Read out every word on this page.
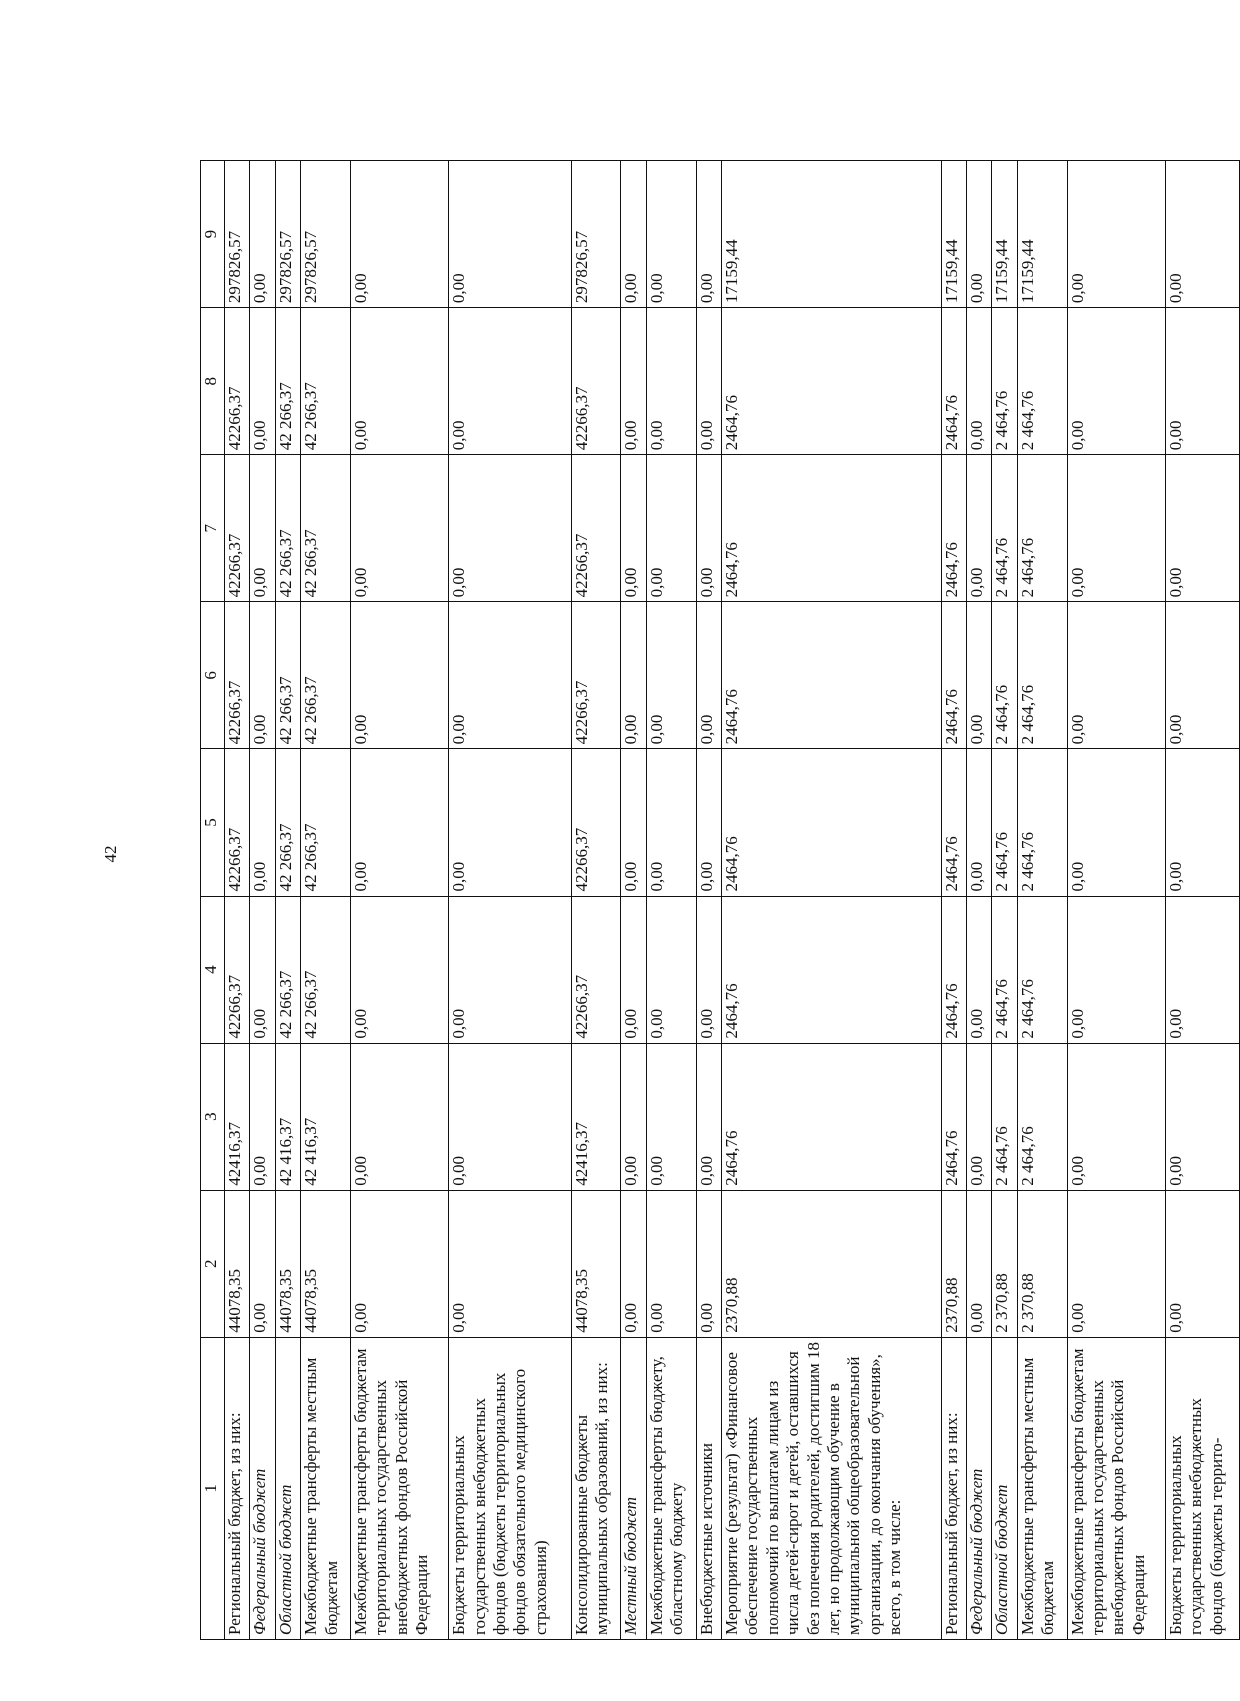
42
1	2	3	4	5	6	7	8	9
Региональный бюджет, из них:	44078,35	42416,37	42266,37	42266,37	42266,37	42266,37	42266,37	297826,57
Федеральный бюджет	0,00	0,00	0,00	0,00	0,00	0,00	0,00	0,00
Областной бюджет	44078,35	42 416,37	42 266,37	42 266,37	42 266,37	42 266,37	42 266,37	297826,57
Межбюджетные трансферты местным бюджетам	44078,35	42 416,37	42 266,37	42 266,37	42 266,37	42 266,37	42 266,37	297826,57
Межбюджетные трансферты бюджетам территориальных государственных внебюджетных фондов Российской Федерации	0,00	0,00	0,00	0,00	0,00	0,00	0,00	0,00
Бюджеты территориальных государственных внебюджетных фондов (бюджеты территориальных фондов обязательного медицинского страхования)	0,00	0,00	0,00	0,00	0,00	0,00	0,00	0,00
Консолидированные бюджеты муниципальных образований, из них:	44078,35	42416,37	42266,37	42266,37	42266,37	42266,37	42266,37	297826,57
Местный бюджет	0,00	0,00	0,00	0,00	0,00	0,00	0,00	0,00
Межбюджетные трансферты бюджету, областному бюджету	0,00	0,00	0,00	0,00	0,00	0,00	0,00	0,00
Внебюджетные источники	0,00	0,00	0,00	0,00	0,00	0,00	0,00	0,00
Мероприятие (результат) «Финансовое обеспечение государственных полномочий по выплатам лицам из числа детей-сирот и детей, оставшихся без попечения родителей, достигшим 18 лет, но продолжающим обучение в муниципальной общеобразовательной организации, до окончания обучения», всего, в том числе:	2370,88	2464,76	2464,76	2464,76	2464,76	2464,76	2464,76	17159,44
Региональный бюджет, из них:	2370,88	2464,76	2464,76	2464,76	2464,76	2464,76	2464,76	17159,44
Федеральный бюджет	0,00	0,00	0,00	0,00	0,00	0,00	0,00	0,00
Областной бюджет	2 370,88	2 464,76	2 464,76	2 464,76	2 464,76	2 464,76	2 464,76	17159,44
Межбюджетные трансферты местным бюджетам	2 370,88	2 464,76	2 464,76	2 464,76	2 464,76	2 464,76	2 464,76	17159,44
Межбюджетные трансферты бюджетам территориальных государственных внебюджетных фондов Российской Федерации	0,00	0,00	0,00	0,00	0,00	0,00	0,00	0,00
Бюджеты территориальных государственных внебюджетных фондов (бюджеты террито-	0,00	0,00	0,00	0,00	0,00	0,00	0,00	0,00
